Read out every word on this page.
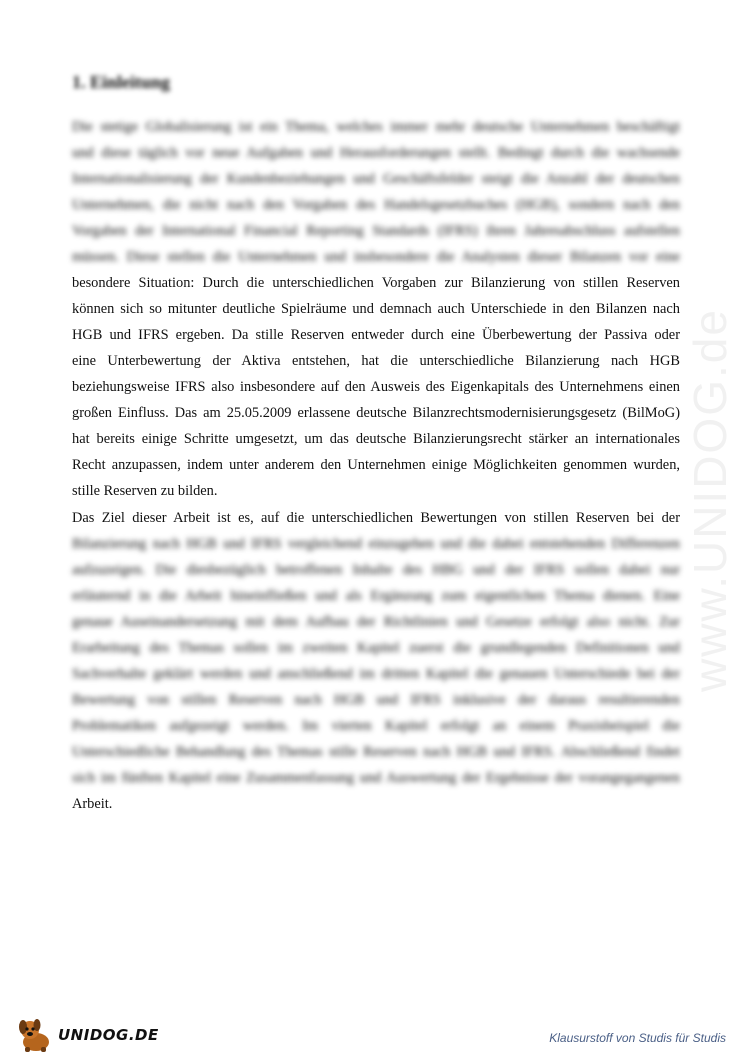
1. Einleitung
www.UNIDOG.de
Die stetige Globalisierung ist ein Thema, welches immer mehr deutsche Unternehmen beschäftigt
und diese täglich vor neue Aufgaben und Herausforderungen stellt. Bedingt durch die wachsende
Internationalisierung der Kundenbeziehungen und Geschäftsfelder steigt die Anzahl der deutschen
Unternehmen, die nicht nach den Vorgaben des Handelsgesetzbuches (HGB), sondern nach den
Vorgaben der International Financial Reporting Standards (IFRS) ihren Jahresabschluss aufstellen
müssen. Diese stellen die Unternehmen und insbesondere die Analysten dieser Bilanzen vor eine
besondere Situation: Durch die unterschiedlichen Vorgaben zur Bilanzierung von stillen Reserven
können sich so mitunter deutliche Spielräume und demnach auch Unterschiede in den Bilanzen nach
HGB und IFRS ergeben. Da stille Reserven entweder durch eine Überbewertung der Passiva oder
eine Unterbewertung der Aktiva entstehen, hat die unterschiedliche Bilanzierung nach HGB
beziehungsweise IFRS also insbesondere auf den Ausweis des Eigenkapitals des Unternehmens einen
großen Einfluss. Das am 25.05.2009 erlassene deutsche Bilanzrechtsmodernisierungsgesetz (BilMoG)
hat bereits einige Schritte umgesetzt, um das deutsche Bilanzierungsrecht stärker an internationales
Recht anzupassen, indem unter anderem den Unternehmen einige Möglichkeiten genommen wurden,
stille Reserven zu bilden.
Das Ziel dieser Arbeit ist es, auf die unterschiedlichen Bewertungen von stillen Reserven bei der
Bilanzierung nach HGB und IFRS vergleichend einzugehen und die dabei entstehenden Differenzen
aufzuzeigen. Die diesbezüglich betroffenen Inhalte des HBG und der IFRS sollen dabei nur
erläuternd in die Arbeit hineinfließen und als Ergänzung zum eigentlichen Thema dienen. Eine
genaue Auseinandersetzung mit dem Aufbau der Richtlinien und Gesetze erfolgt also nicht. Zur
Erarbeitung des Themas sollen im zweiten Kapitel zuerst die grundlegenden Definitionen und
Sachverhalte geklärt werden und anschließend im dritten Kapitel die genauen Unterschiede bei der
Bewertung von stillen Reserven nach HGB und IFRS inklusive der daraus resultierenden
Problematiken aufgezeigt werden. Im vierten Kapitel erfolgt an einem Praxisbeispiel die
Unterschiedliche Behandlung des Themas stille Reserven nach HGB und IFRS. Abschließend findet
sich im fünften Kapitel eine Zusammenfassung und Auswertung der Ergebnisse der vorangegangenen
Arbeit.
UNIDOG.DE	Klausurstoff von Studis für Studis
